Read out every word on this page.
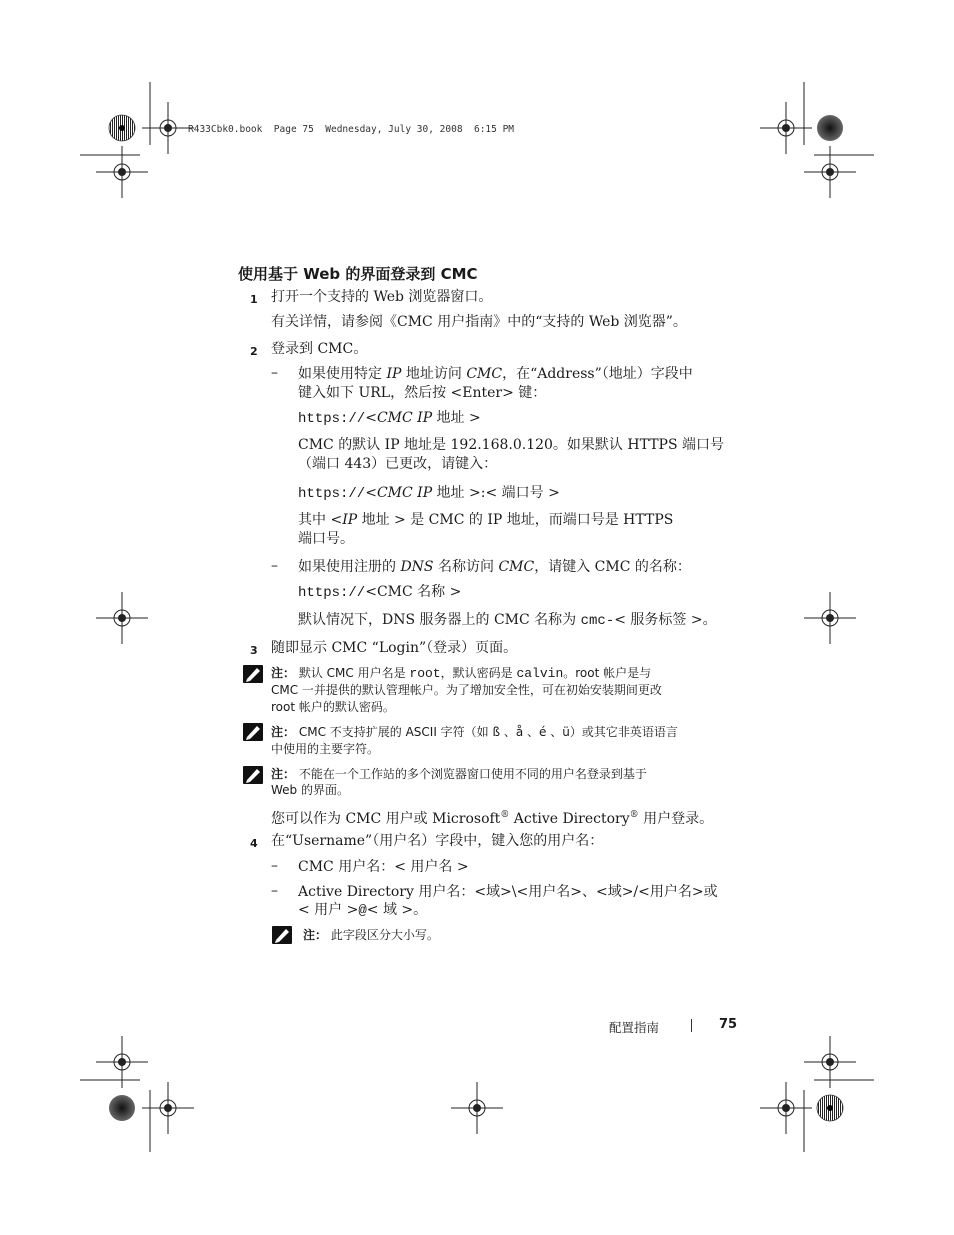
R433Cbk0.book  Page 75  Wednesday, July 30, 2008  6:15 PM
使用基于 Web 的界面登录到 CMC
1 打开一个支持的 Web 浏览器窗口。
有关详情，请参阅《CMC 用户指南》中的“支持的 Web 浏览器”。
2 登录到 CMC。
– 如果使用特定 IP 地址访问 CMC，在“Address”（地址）字段中
键入如下 URL，然后按 <Enter> 键：
https://<CMC IP 地址 >
CMC 的默认 IP 地址是 192.168.0.120。如果默认 HTTPS 端口号
（端口 443）已更改，请键入：
https://<CMC IP 地址 >:< 端口号 >
其中 <IP 地址 > 是 CMC 的 IP 地址，而端口号是 HTTPS
端口号。
– 如果使用注册的 DNS 名称访问 CMC，请键入 CMC 的名称：
https://<CMC 名称 >
默认情况下，DNS 服务器上的 CMC 名称为 cmc-< 服务标签 >。
3 随即显示 CMC “Login”（登录）页面。
注： 默认 CMC 用户名是 root，默认密码是 calvin。root 帐户是与
CMC 一并提供的默认管理帐户。为了增加安全性，可在初始安装期间更改
root 帐户的默认密码。
注： CMC 不支持扩展的 ASCII 字符（如 ß 、å 、é 、ü）或其它非英语语言
中使用的主要字符。
注： 不能在一个工作站的多个浏览器窗口使用不同的用户名登录到基于
Web 的界面。
您可以作为 CMC 用户或 Microsoft® Active Directory® 用户登录。
4 在“Username”（用户名）字段中，键入您的用户名：
– CMC 用户名：< 用户名 >
– Active Directory 用户名：<域>\<用户名>、<域>/<用户名>或
< 用户 >@< 域 >。
注： 此字段区分大小写。
配置指南	75
